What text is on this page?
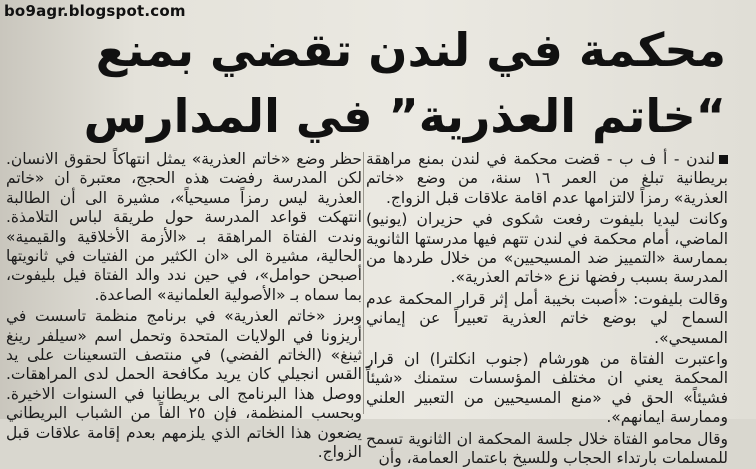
bo9agr.blogspot.com
محكمة في لندن تقضي بمنع
“خاتم العذرية” في المدارس

لندن - أ ف ب - قضت محكمة في لندن بمنع مراهقة بريطانية تبلغ من العمر ١٦ سنة، من وضع «خاتم العذرية» رمزاً لالتزامها عدم اقامة علاقات قبل الزواج.

وكانت ليديا بليفوت رفعت شكوى في حزيران (يونيو) الماضي، أمام محكمة في لندن تتهم فيها مدرستها الثانوية بممارسة «التمييز ضد المسيحيين» من خلال طردها من المدرسة بسبب رفضها نزع «خاتم العذرية».

وقالت بليفوت: «أصبت بخيبة أمل إثر قرار المحكمة عدم السماح لي بوضع خاتم العذرية تعبيراً عن إيماني المسيحي».

واعتبرت الفتاة من هورشام (جنوب انكلترا) ان قرار المحكمة يعني ان مختلف المؤسسات ستمنك «شيئاً فشيئاً» الحق في «منع المسيحيين من التعبير العلني وممارسة ايمانهم».

وقال محامو الفتاة خلال جلسة المحكمة ان الثانوية تسمح للمسلمات بارتداء الحجاب وللسيخ باعتمار العمامة، وأن

حظر وضع «خاتم العذرية» يمثل انتهاكاً لحقوق الانسان. لكن المدرسة رفضت هذه الحجج، معتبرة ان «خاتم العذرية ليس رمزاً مسيحياً»، مشيرة الى أن الطالبة انتهكت قواعد المدرسة حول طريقة لباس التلامذة. وندت الفتاة المراهقة بـ «الأزمة الأخلاقية والقيمية» الحالية، مشيرة الى «ان الكثير من الفتيات في ثانويتها أصبحن حوامل»، في حين ندد والد الفتاة فيل بليفوت، بما سماه بـ «الأصولية العلمانية» الصاعدة.

وبرز «خاتم العذرية» في برنامج منظمة تاسست في أريزونا في الولايات المتحدة وتحمل اسم «سيلفر رينغ ثينغ» (الخاتم الفضي) في منتصف التسعينات على يد القس انجيلي كان يريد مكافحة الحمل لدى المراهقات. ووصل هذا البرنامج الى بريطانيا في السنوات الاخيرة. وبحسب المنظمة، فإن ٢٥ الفاً من الشباب البريطاني يضعون هذا الخاتم الذي يلزمهم بعدم إقامة علاقات قبل الزواج.
